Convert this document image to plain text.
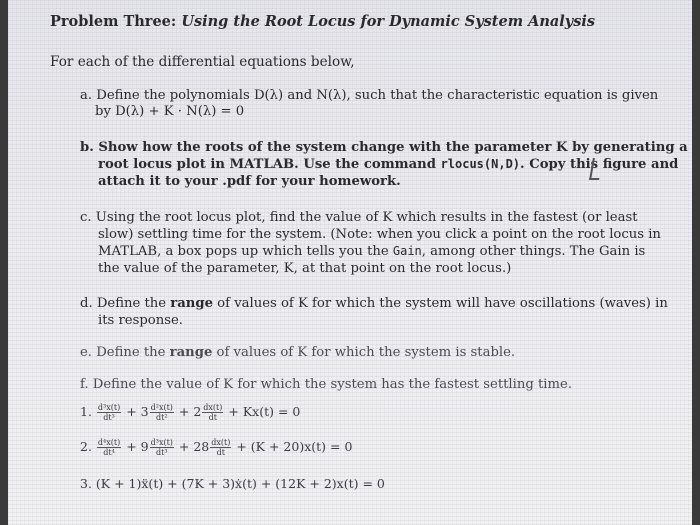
Problem Three: Using the Root Locus for Dynamic System Analysis
For each of the differential equations below,
a. Define the polynomials D(λ) and N(λ), such that the characteristic equation is given
by D(λ) + K · N(λ) = 0
b. Show how the roots of the system change with the parameter K by generating a
root locus plot in MATLAB. Use the command rlocus(N,D). Copy this figure and
attach it to your .pdf for your homework.
c. Using the root locus plot, find the value of K which results in the fastest (or least
slow) settling time for the system. (Note: when you click a point on the root locus in
MATLAB, a box pops up which tells you the Gain, among other things. The Gain is
the value of the parameter, K, at that point on the root locus.)
d. Define the range of values of K for which the system will have oscillations (waves) in
its response.
e. Define the range of values of K for which the system is stable.
f. Define the value of K for which the system has the fastest settling time.
1. $\frac{\text{d³x(t)}}{\text{dt³}} + 3 \frac{\text{d²x(t)}}{\text{dt²}} + 2 \frac{dx(t)}{dt} + Kx(t) = 0$
2. $\frac{\text{d⁴x(t)}}{\text{dt⁴}} + 9 \frac{\text{d³x(t)}}{\text{dt³}} + 28 \frac{dx(t)}{dt} + (K + 20)x(t) = 0$
3. (K + 1)ẍ(t) + (7K + 3)ẋ(t) + (12K + 2)x(t) = 0
